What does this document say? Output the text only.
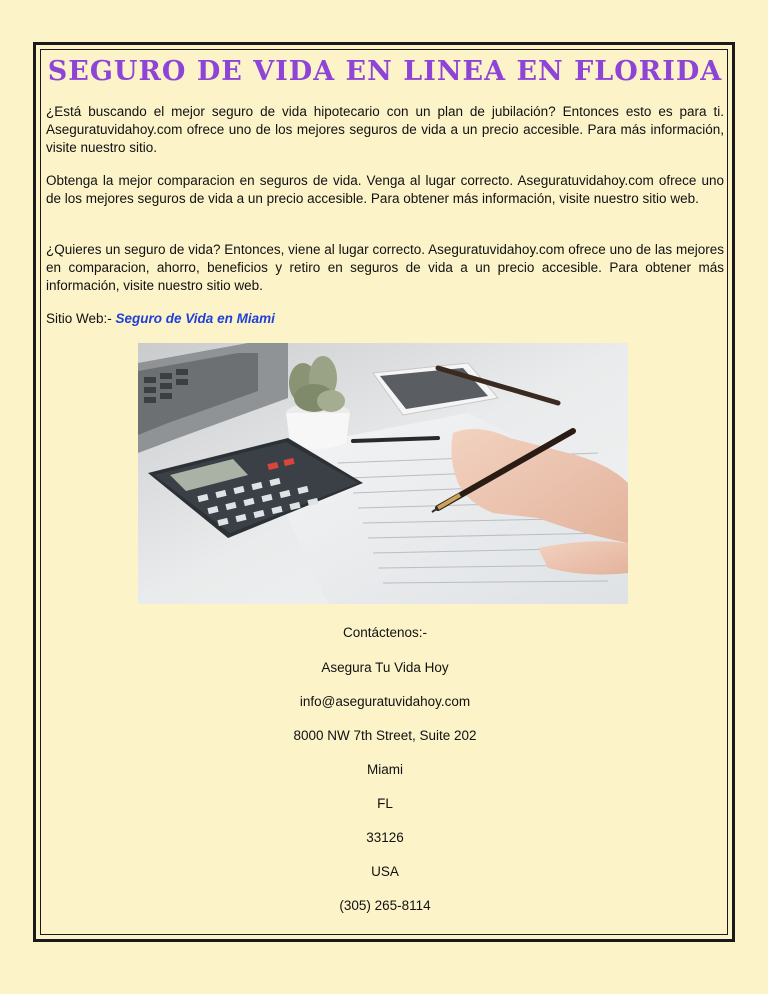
SEGURO DE VIDA EN LINEA EN FLORIDA
¿Está buscando el mejor seguro de vida hipotecario con un plan de jubilación? Entonces esto es para ti. Aseguratuvidahoy.com ofrece uno de los mejores seguros de vida a un precio accesible. Para más información, visite nuestro sitio.
Obtenga la mejor comparacion en seguros de vida. Venga al lugar correcto. Aseguratuvidahoy.com ofrece uno de los mejores seguros de vida a un precio accesible. Para obtener más información, visite nuestro sitio web.
¿Quieres un seguro de vida? Entonces, viene al lugar correcto. Aseguratuvidahoy.com ofrece uno de las mejores en comparacion, ahorro, beneficios y retiro en seguros de vida a un precio accesible. Para obtener más información, visite nuestro sitio web.
Sitio Web:- Seguro de Vida en Miami
Contáctenos:-
Asegura Tu Vida Hoy
info@aseguratuvidahoy.com
8000 NW 7th Street, Suite 202
Miami
FL
33126
USA
(305) 265-8114
